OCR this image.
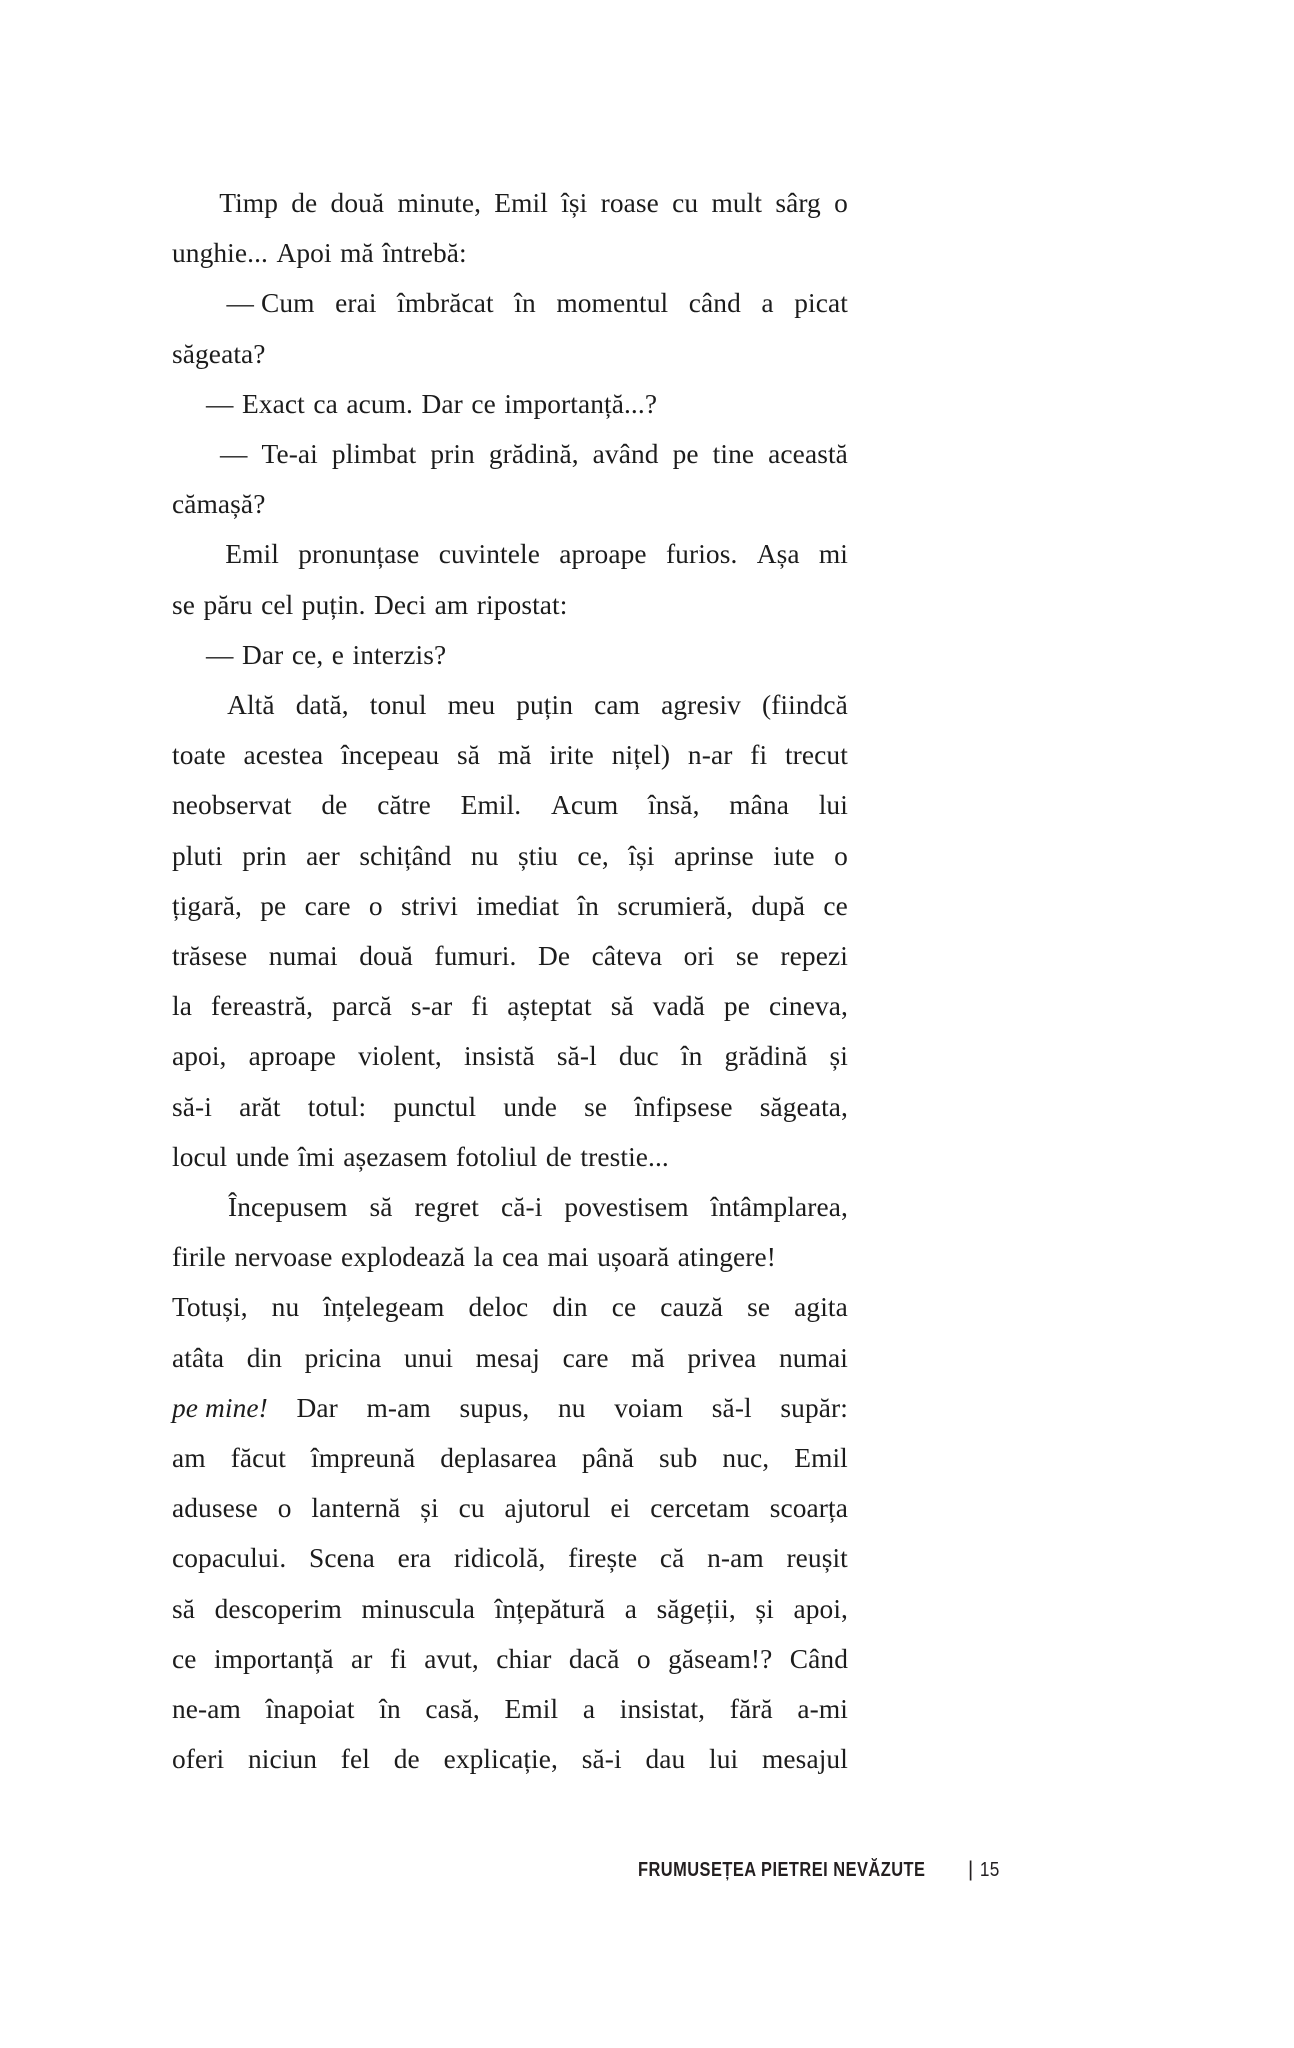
Timp de două minute, Emil își roase cu mult sârg o
unghie... Apoi mă întrebă:
— Cum erai îmbrăcat în momentul când a picat
săgeata?
— Exact ca acum. Dar ce importanță...?
— Te-ai plimbat prin grădină, având pe tine această
cămașă?
Emil pronunțase cuvintele aproape furios. Așa mi
se păru cel puțin. Deci am ripostat:
— Dar ce, e interzis?
Altă dată, tonul meu puțin cam agresiv (fiindcă
toate acestea începeau să mă irite nițel) n-ar fi trecut
neobservat de către Emil. Acum însă, mâna lui
pluti prin aer schițând nu știu ce, își aprinse iute o
țigară, pe care o strivi imediat în scrumieră, după ce
trăsese numai două fumuri. De câteva ori se repezi
la fereastră, parcă s-ar fi așteptat să vadă pe cineva,
apoi, aproape violent, insistă să-l duc în grădină și
să-i arăt totul: punctul unde se înfipsese săgeata,
locul unde îmi așezasem fotoliul de trestie...
Începusem să regret că-i povestisem întâmplarea,
firile nervoase explodează la cea mai ușoară atingere!
Totuși, nu înțelegeam deloc din ce cauză se agita
atâta din pricina unui mesaj care mă privea numai
pe mine! Dar m-am supus, nu voiam să-l supăr:
am făcut împreună deplasarea până sub nuc, Emil
adusese o lanternă și cu ajutorul ei cercetam scoarța
copacului. Scena era ridicolă, firește că n-am reușit
să descoperim minuscula înțepătură a săgeții, și apoi,
ce importanță ar fi avut, chiar dacă o găseam!? Când
ne-am înapoiat în casă, Emil a insistat, fără a-mi
oferi niciun fel de explicație, să-i dau lui mesajul
FRUMUSEȚEA PIETREI NEVĂZUTE | 15
